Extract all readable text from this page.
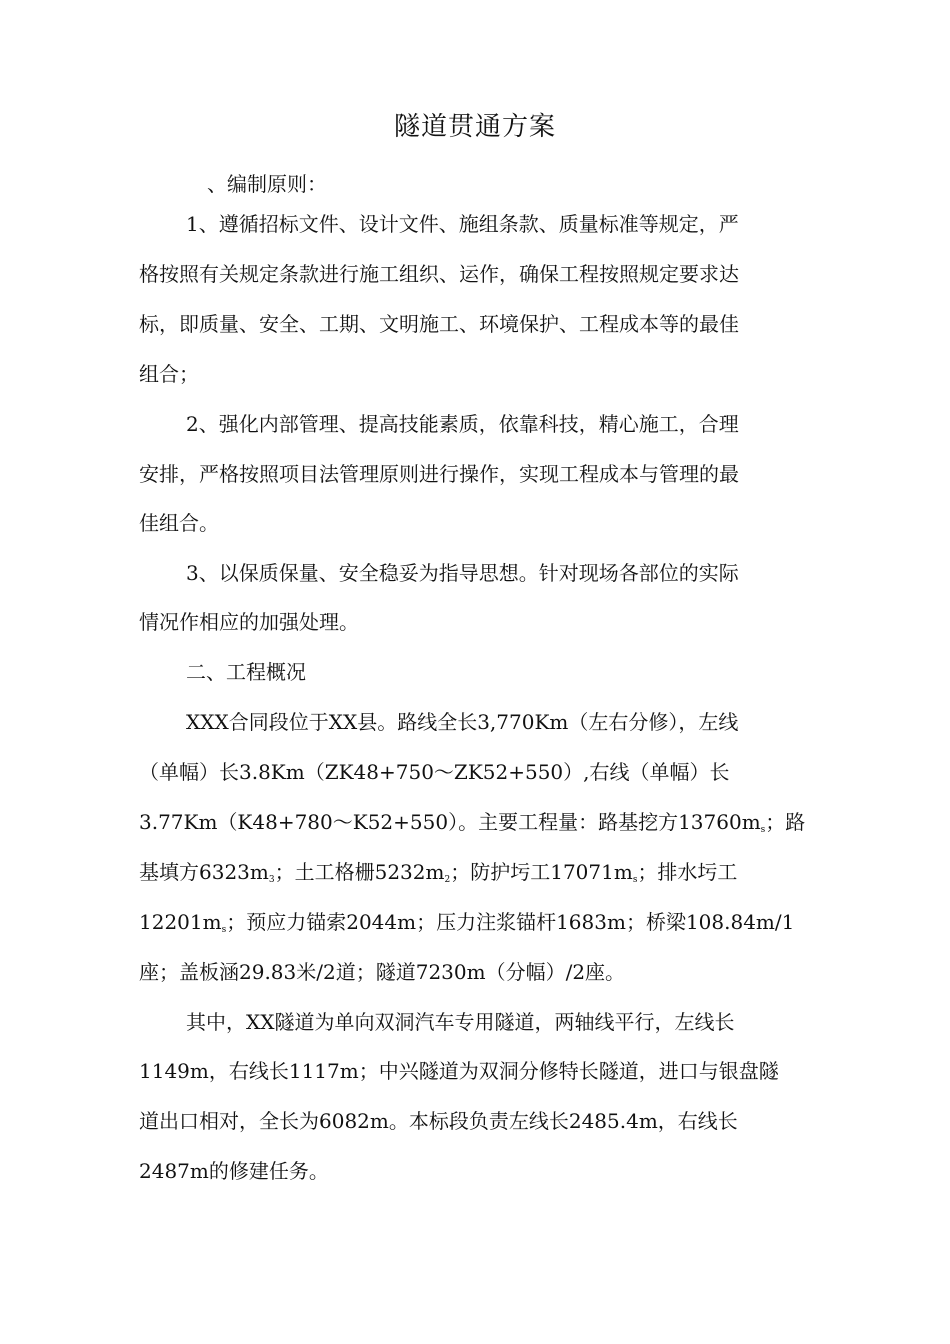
隧道贯通方案
、编制原则：
1、遵循招标文件、设计文件、施组条款、质量标准等规定，严
格按照有关规定条款进行施工组织、运作，确保工程按照规定要求达
标，即质量、安全、工期、文明施工、环境保护、工程成本等的最佳
组合；
2、强化内部管理、提高技能素质，依靠科技，精心施工，合理
安排，严格按照项目法管理原则进行操作，实现工程成本与管理的最
佳组合。
3、以保质保量、安全稳妥为指导思想。针对现场各部位的实际
情况作相应的加强处理。
二、工程概况
XXX合同段位于XX县。路线全长3,770Km（左右分修），左线
（单幅）长3.8Km（ZK48+750〜ZK52+550）,右线（单幅）长
3.77Km（K48+780〜K52+550）。主要工程量：路基挖方$13760m_s$；路
基填方$6323m_3$；土工格栅$5232m_2$；防护圬工$17071m_s$；排水圬工
$12201m_s$；预应力锚索2044m；压力注浆锚杆1683m；桥梁108.84m/1
座；盖板涵29.83米/2道；隧道7230m（分幅）/2座。
其中，XX隧道为单向双洞汽车专用隧道，两轴线平行，左线长
1149m，右线长1117m；中兴隧道为双洞分修特长隧道，进口与银盘隧
道出口相对，全长为6082m。本标段负责左线长2485.4m，右线长
2487m的修建任务。
